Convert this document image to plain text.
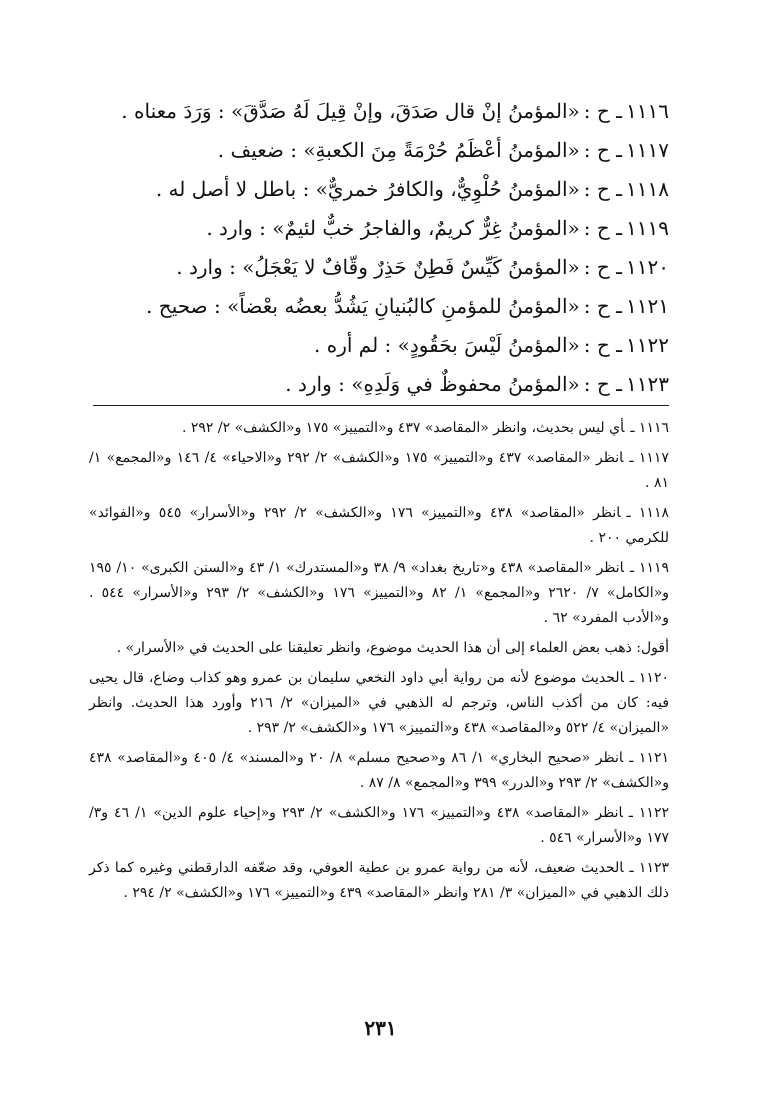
١١١٦
ـ ح :
«المؤمنُ إنْ قال صَدَقَ، وإنْ قِيلَ لَهُ صَدَّقَ» : وَرَدَ معناه .
١١١٧
ـ ح :
«المؤمنُ أعْظَمُ حُرْمَةً مِنَ الكعبةِ» : ضعيف .
١١١٨
ـ ح :
«المؤمنُ حُلْوِيٌّ، والكافرُ خمريٌّ» : باطل لا أصل له .
١١١٩
ـ ح :
«المؤمنُ غِرٌّ كريمٌ، والفاجرُ خبٌّ لئيمٌ» : وارد .
١١٢٠
ـ ح :
«المؤمنُ كَيِّسٌ فَطِنٌ حَذِرٌ وقّافٌ لا يَعْجَلُ» : وارد .
١١٢١
ـ ح :
«المؤمنُ للمؤمنِ كالبُنيانِ يَشُدُّ بعضُه بعْضاً» : صحيح .
١١٢٢
ـ ح :
«المؤمنُ لَيْسَ بحَقُودٍ» : لم أره .
١١٢٣
ـ ح :
«المؤمنُ محفوظٌ في وَلَدِهِ» : وارد .

١١١٦ ـأي ليس بحديث، وانظر «المقاصد» ٤٣٧ و«التمييز» ١٧٥ و«الكشف» ٢/ ٢٩٢ .

١١١٧ ـانظر «المقاصد» ٤٣٧ و«التمييز» ١٧٥ و«الكشف» ٢/ ٢٩٢ و«الاحياء» ٤/ ١٤٦ و«المجمع» ١/ ٨١ .

١١١٨ ـانظر «المقاصد» ٤٣٨ و«التمييز» ١٧٦ و«الكشف» ٢/ ٢٩٢ و«الأسرار» ٥٤٥ و«الفوائد» للكرمي ٢٠٠ .

١١١٩ ـانظر «المقاصد» ٤٣٨ و«تاريخ بغداد» ٩/ ٣٨ و«المستدرك» ١/ ٤٣ و«السنن الكبرى» ١٠/ ١٩٥ و«الكامل» ٧/ ٢٦٢٠ و«المجمع» ١/ ٨٢ و«التمييز» ١٧٦ و«الكشف» ٢/ ٢٩٣ و«الأسرار» ٥٤٤ . و«الأدب المفرد» ٦٢ .

أقول: ذهب بعض العلماء إلى أن هذا الحديث موضوع، وانظر تعليقنا على الحديث في «الأسرار» .

١١٢٠ ـالحديث موضوع لأنه من رواية أبي داود النخعي سليمان بن عمرو وهو كذاب وضاع، قال يحيى فيه: كان من أكذب الناس، وترجم له الذهبي في «الميزان» ٢/ ٢١٦ وأورد هذا الحديث. وانظر «الميزان» ٤/ ٥٢٢ و«المقاصد» ٤٣٨ و«التمييز» ١٧٦ و«الكشف» ٢/ ٢٩٣ .

١١٢١ ـانظر «صحيح البخاري» ١/ ٨٦ و«صحيح مسلم» ٨/ ٢٠ و«المسند» ٤/ ٤٠٥ و«المقاصد» ٤٣٨ و«الكشف» ٢/ ٢٩٣ و«الدرر» ٣٩٩ و«المجمع» ٨/ ٨٧ .

١١٢٢ ـانظر «المقاصد» ٤٣٨ و«التمييز» ١٧٦ و«الكشف» ٢/ ٢٩٣ و«إحياء علوم الدين» ١/ ٤٦ و٣/ ١٧٧ و«الأسرار» ٥٤٦ .

١١٢٣ ـالحديث ضعيف، لأنه من رواية عمرو بن عطية العوفي، وقد ضعّفه الدارقطني وغيره كما ذكر ذلك الذهبي في «الميزان» ٣/ ٢٨١ وانظر «المقاصد» ٤٣٩ و«التمييز» ١٧٦ و«الكشف» ٢/ ٢٩٤ .

٢٣١
